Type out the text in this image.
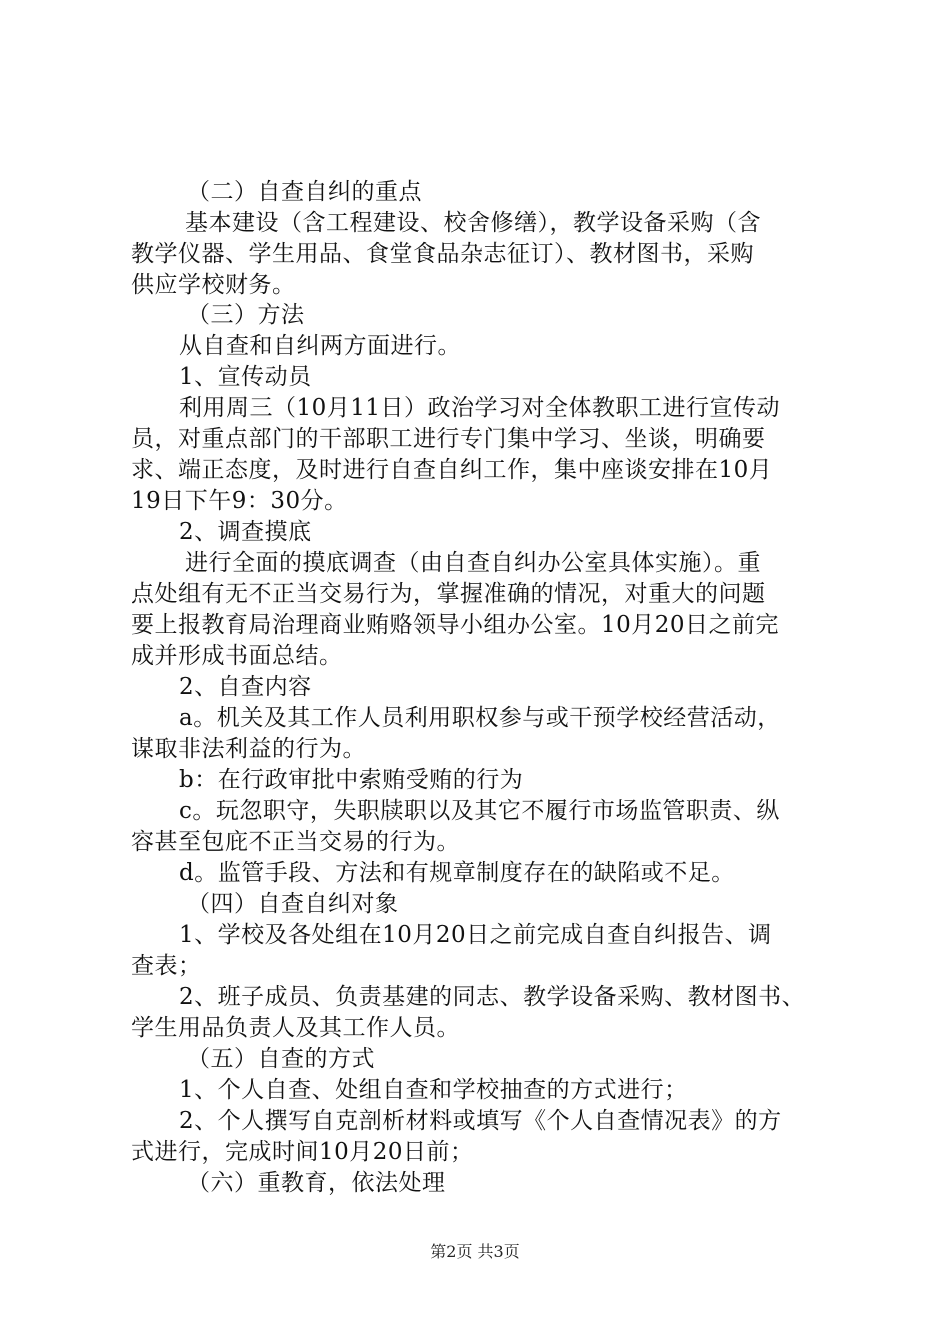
（二）自查自纠的重点
基本建设（含工程建设、校舍修缮），教学设备采购（含
教学仪器、学生用品、食堂食品杂志征订）、教材图书，采购
供应学校财务。
（三）方法
从自查和自纠两方面进行。
1、宣传动员
利用周三（10月11日）政治学习对全体教职工进行宣传动
员，对重点部门的干部职工进行专门集中学习、坐谈，明确要
求、端正态度，及时进行自查自纠工作，集中座谈安排在10月
19日下午9：30分。
2、调查摸底
进行全面的摸底调查（由自查自纠办公室具体实施）。重
点处组有无不正当交易行为，掌握准确的情况，对重大的问题
要上报教育局治理商业贿赂领导小组办公室。10月20日之前完
成并形成书面总结。
2、自查内容
a。机关及其工作人员利用职权参与或干预学校经营活动，
谋取非法利益的行为。
b：在行政审批中索贿受贿的行为
c。玩忽职守，失职牍职以及其它不履行市场监管职责、纵
容甚至包庇不正当交易的行为。
d。监管手段、方法和有规章制度存在的缺陷或不足。
（四）自查自纠对象
1、学校及各处组在10月20日之前完成自查自纠报告、调
查表；
2、班子成员、负责基建的同志、教学设备采购、教材图书、
学生用品负责人及其工作人员。
（五）自查的方式
1、个人自查、处组自查和学校抽查的方式进行；
2、个人撰写自克剖析材料或填写《个人自查情况表》的方
式进行，完成时间10月20日前；
（六）重教育，依法处理
第2页 共3页
